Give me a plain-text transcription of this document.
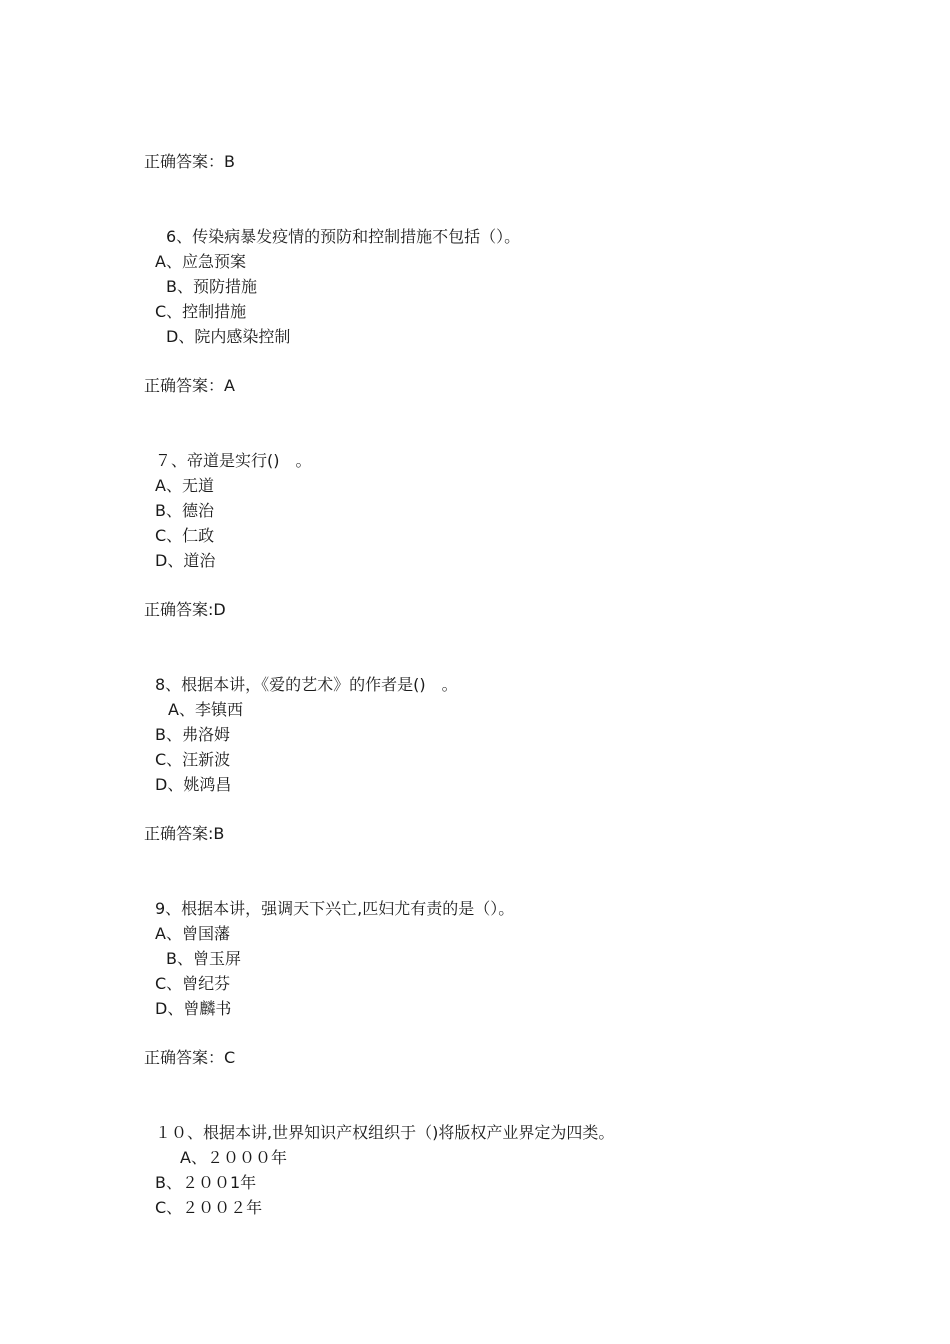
正确答案：B
6、传染病暴发疫情的预防和控制措施不包括（）。
A、应急预案
B、预防措施
C、控制措施
D、院内感染控制
正确答案：A
７、帝道是实行()　。
A、无道
B、德治
C、仁政
D、道治
正确答案:D
8、根据本讲，《爱的艺术》的作者是()　。
A、李镇西
B、弗洛姆
C、汪新波
D、姚鸿昌
正确答案:B
9、根据本讲，强调天下兴亡,匹妇尤有责的是（）。
A、曾国藩
B、曾玉屏
C、曾纪芬
D、曾麟书
正确答案：C
１０、根据本讲,世界知识产权组织于（)将版权产业界定为四类。
A、２０００年
B、２００1年
C、２００２年
